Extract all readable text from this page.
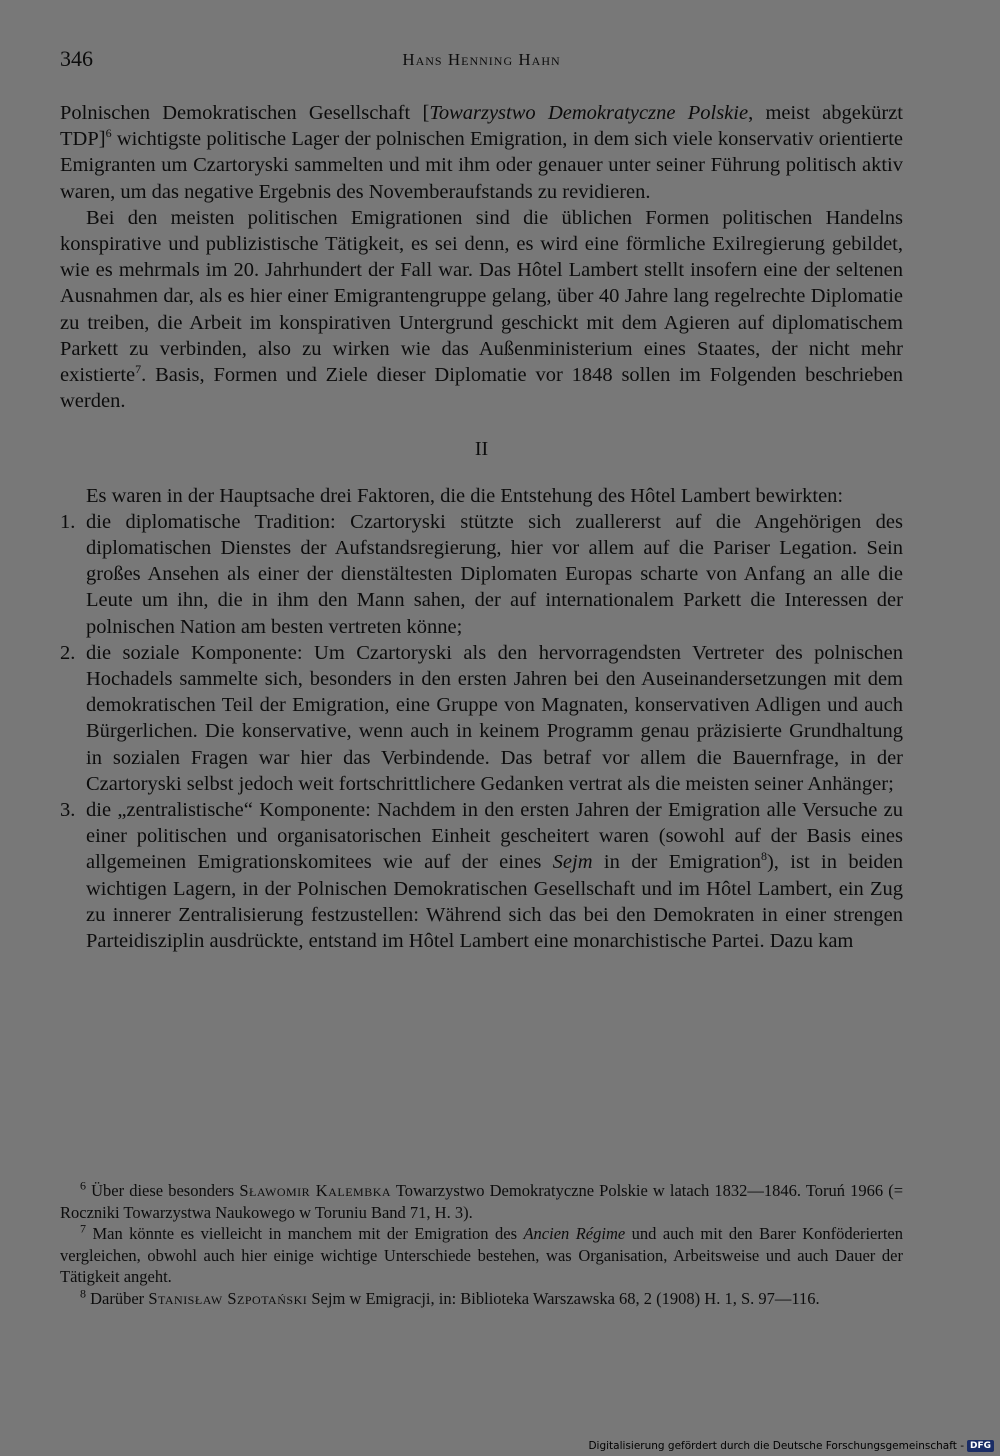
346	Hans Henning Hahn

Polnischen Demokratischen Gesellschaft [Towarzystwo Demokratyczne Polskie, meist abgekürzt TDP]$^6$ wichtigste politische Lager der polnischen Emigration, in dem sich viele konservativ orientierte Emigranten um Czartoryski sammelten und mit ihm oder genauer unter seiner Führung politisch aktiv waren, um das negative Ergebnis des Novemberaufstands zu revidieren.

Bei den meisten politischen Emigrationen sind die üblichen Formen politischen Handelns konspirative und publizistische Tätigkeit, es sei denn, es wird eine förmliche Exilregierung gebildet, wie es mehrmals im 20. Jahrhundert der Fall war. Das Hôtel Lambert stellt insofern eine der seltenen Ausnahmen dar, als es hier einer Emigrantengruppe gelang, über 40 Jahre lang regelrechte Diplomatie zu treiben, die Arbeit im konspirativen Untergrund geschickt mit dem Agieren auf diplomatischem Parkett zu verbinden, also zu wirken wie das Außenministerium eines Staates, der nicht mehr existierte$^7$. Basis, Formen und Ziele dieser Diplomatie vor 1848 sollen im Folgenden beschrieben werden.

II

Es waren in der Hauptsache drei Faktoren, die die Entstehung des Hôtel Lambert bewirkten:

1. die diplomatische Tradition: Czartoryski stützte sich zuallererst auf die Angehörigen des diplomatischen Dienstes der Aufstandsregierung, hier vor allem auf die Pariser Legation. Sein großes Ansehen als einer der dienstältesten Diplomaten Europas scharte von Anfang an alle die Leute um ihn, die in ihm den Mann sahen, der auf internationalem Parkett die Interessen der polnischen Nation am besten vertreten könne;
2. die soziale Komponente: Um Czartoryski als den hervorragendsten Vertreter des polnischen Hochadels sammelte sich, besonders in den ersten Jahren bei den Auseinandersetzungen mit dem demokratischen Teil der Emigration, eine Gruppe von Magnaten, konservativen Adligen und auch Bürgerlichen. Die konservative, wenn auch in keinem Programm genau präzisierte Grundhaltung in sozialen Fragen war hier das Verbindende. Das betraf vor allem die Bauernfrage, in der Czartoryski selbst jedoch weit fortschrittlichere Gedanken vertrat als die meisten seiner Anhänger;
3. die „zentralistische“ Komponente: Nachdem in den ersten Jahren der Emigration alle Versuche zu einer politischen und organisatorischen Einheit gescheitert waren (sowohl auf der Basis eines allgemeinen Emigrationskomitees wie auf der eines Sejm in der Emigration$^8$), ist in beiden wichtigen Lagern, in der Polnischen Demokratischen Gesellschaft und im Hôtel Lambert, ein Zug zu innerer Zentralisierung festzustellen: Während sich das bei den Demokraten in einer strengen Parteidisziplin ausdrückte, entstand im Hôtel Lambert eine monarchistische Partei. Dazu kam

$^6$ Über diese besonders Sławomir Kalembka Towarzystwo Demokratyczne Polskie w latach 1832—1846. Toruń 1966 (= Roczniki Towarzystwa Naukowego w Toruniu Band 71, H. 3).

$^7$ Man könnte es vielleicht in manchem mit der Emigration des Ancien Régime und auch mit den Barer Konföderierten vergleichen, obwohl auch hier einige wichtige Unterschiede bestehen, was Organisation, Arbeitsweise und auch Dauer der Tätigkeit angeht.

$^8$ Darüber Stanisław Szpotański Sejm w Emigracji, in: Biblioteka Warszawska 68, 2 (1908) H. 1, S. 97—116.

Digitalisierung gefördert durch die Deutsche Forschungsgemeinschaft - DFG
